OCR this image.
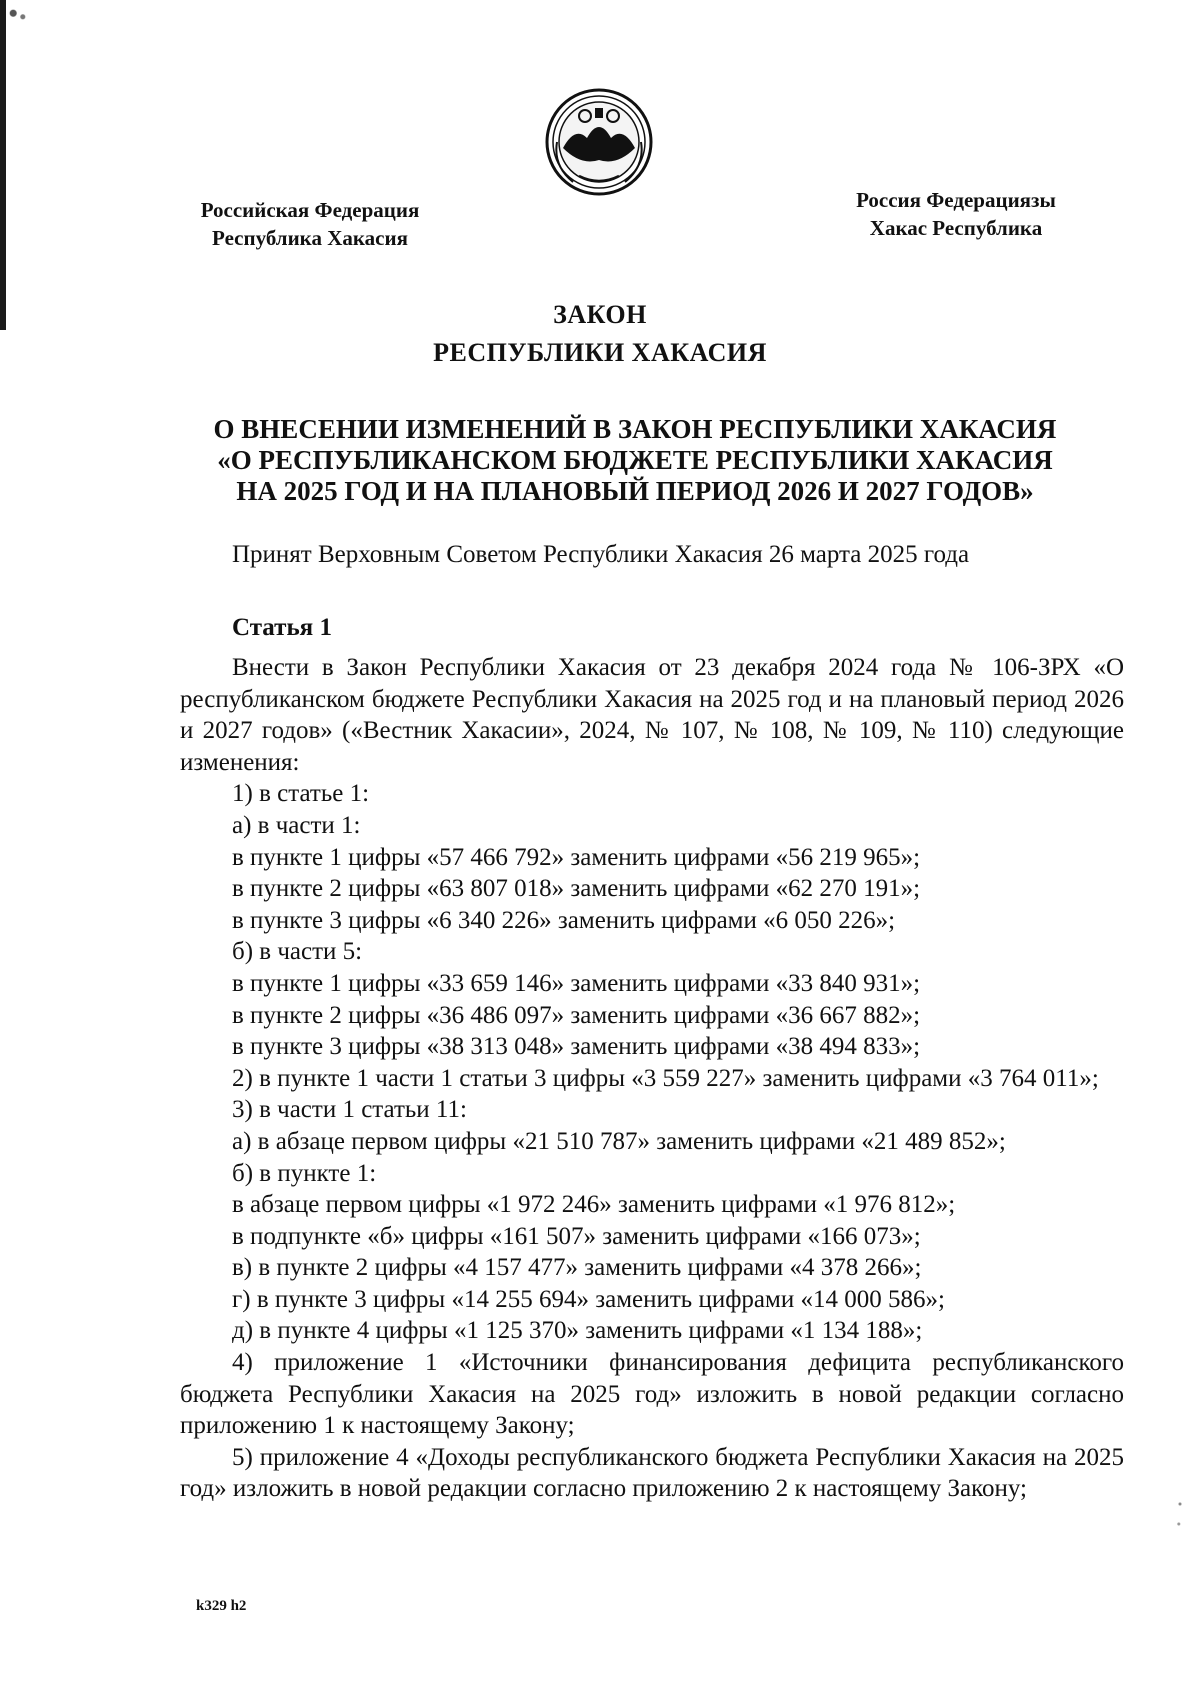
Российская Федерация
Республика Хакасия
Россия Федерациязы
Хакас Республика
ЗАКОН
РЕСПУБЛИКИ ХАКАСИЯ
О ВНЕСЕНИИ ИЗМЕНЕНИЙ В ЗАКОН РЕСПУБЛИКИ ХАКАСИЯ
«О РЕСПУБЛИКАНСКОМ БЮДЖЕТЕ РЕСПУБЛИКИ ХАКАСИЯ
НА 2025 ГОД И НА ПЛАНОВЫЙ ПЕРИОД 2026 И 2027 ГОДОВ»
Принят Верховным Советом Республики Хакасия 26 марта 2025 года
Статья 1

Внести в Закон Республики Хакасия от 23 декабря 2024 года № 106-ЗРХ «О республиканском бюджете Республики Хакасия на 2025 год и на плановый период 2026 и 2027 годов» («Вестник Хакасии», 2024, № 107, № 108, № 109, № 110) следующие изменения:

1) в статье 1:

а) в части 1:

в пункте 1 цифры «57 466 792» заменить цифрами «56 219 965»;

в пункте 2 цифры «63 807 018» заменить цифрами «62 270 191»;

в пункте 3 цифры «6 340 226» заменить цифрами «6 050 226»;

б) в части 5:

в пункте 1 цифры «33 659 146» заменить цифрами «33 840 931»;

в пункте 2 цифры «36 486 097» заменить цифрами «36 667 882»;

в пункте 3 цифры «38 313 048» заменить цифрами «38 494 833»;

2) в пункте 1 части 1 статьи 3 цифры «3 559 227» заменить цифрами «3 764 011»;

3) в части 1 статьи 11:

а) в абзаце первом цифры «21 510 787» заменить цифрами «21 489 852»;

б) в пункте 1:

в абзаце первом цифры «1 972 246» заменить цифрами «1 976 812»;

в подпункте «б» цифры «161 507» заменить цифрами «166 073»;

в) в пункте 2 цифры «4 157 477» заменить цифрами «4 378 266»;

г) в пункте 3 цифры «14 255 694» заменить цифрами «14 000 586»;

д) в пункте 4 цифры «1 125 370» заменить цифрами «1 134 188»;

4) приложение 1 «Источники финансирования дефицита республиканского бюджета Республики Хакасия на 2025 год» изложить в новой редакции согласно приложению 1 к настоящему Закону;

5) приложение 4 «Доходы республиканского бюджета Республики Хакасия на 2025 год» изложить в новой редакции согласно приложению 2 к настоящему Закону;

k329 h2
